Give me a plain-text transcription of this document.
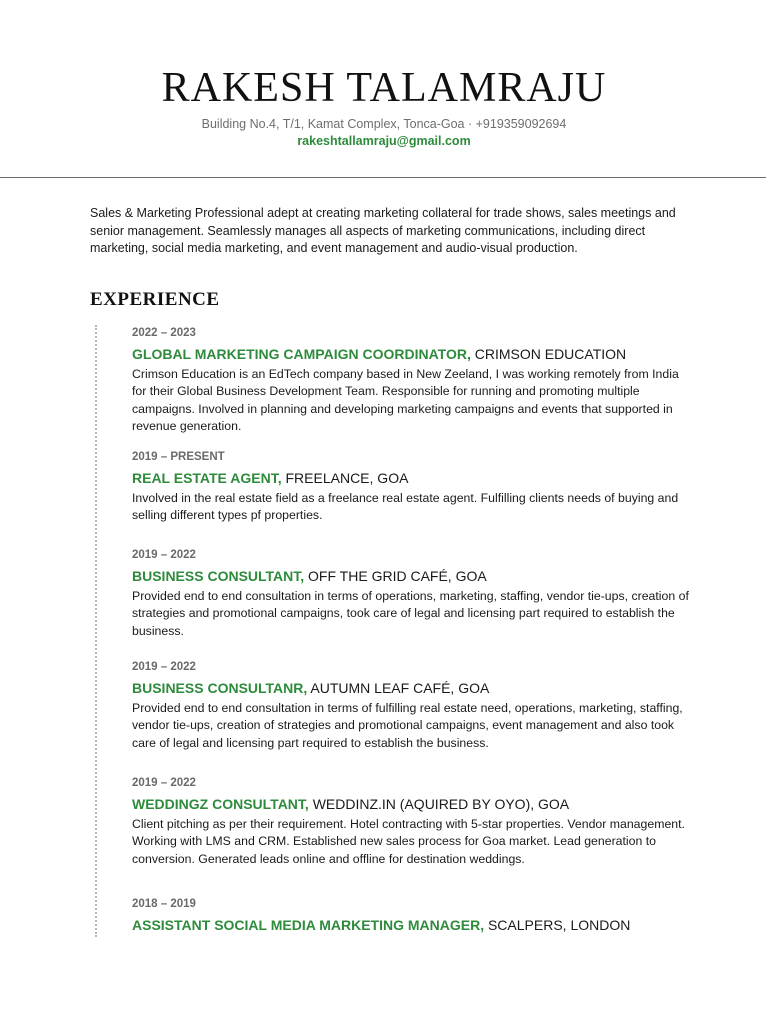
RAKESH TALAMRAJU
Building No.4, T/1, Kamat Complex, Tonca-Goa · +919359092694
rakeshtallamraju@gmail.com
Sales & Marketing Professional adept at creating marketing collateral for trade shows, sales meetings and senior management. Seamlessly manages all aspects of marketing communications, including direct marketing, social media marketing, and event management and audio-visual production.
EXPERIENCE
2022 – 2023
GLOBAL MARKETING CAMPAIGN COORDINATOR, CRIMSON EDUCATION
Crimson Education is an EdTech company based in New Zeeland, I was working remotely from India for their Global Business Development Team. Responsible for running and promoting multiple campaigns. Involved in planning and developing marketing campaigns and events that supported in revenue generation.
2019 – PRESENT
REAL ESTATE AGENT, FREELANCE, GOA
Involved in the real estate field as a freelance real estate agent. Fulfilling clients needs of buying and selling different types pf properties.
2019 – 2022
BUSINESS CONSULTANT, OFF THE GRID CAFÉ, GOA
Provided end to end consultation in terms of operations, marketing, staffing, vendor tie-ups, creation of strategies and promotional campaigns, took care of legal and licensing part required to establish the business.
2019 – 2022
BUSINESS CONSULTANR, AUTUMN LEAF CAFÉ, GOA
Provided end to end consultation in terms of fulfilling real estate need, operations, marketing, staffing, vendor tie-ups, creation of strategies and promotional campaigns, event management and also took care of legal and licensing part required to establish the business.
2019 – 2022
WEDDINGZ CONSULTANT, WEDDINZ.IN (AQUIRED BY OYO), GOA
Client pitching as per their requirement. Hotel contracting with 5-star properties. Vendor management. Working with LMS and CRM. Established new sales process for Goa market. Lead generation to conversion. Generated leads online and offline for destination weddings.
2018 – 2019
ASSISTANT SOCIAL MEDIA MARKETING MANAGER, SCALPERS, LONDON
